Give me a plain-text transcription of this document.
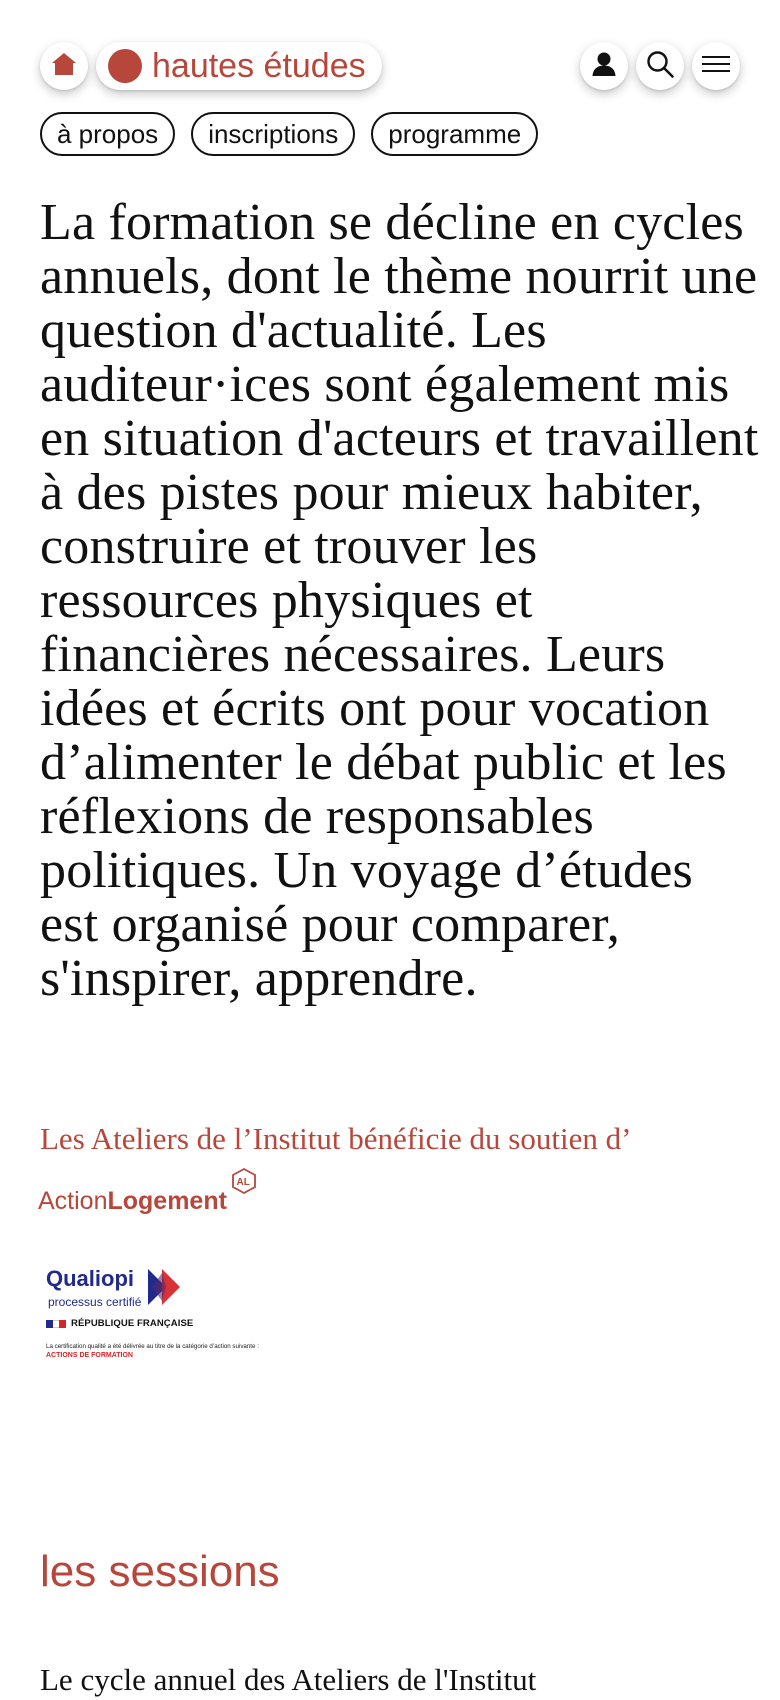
hautes études
à propos	inscriptions	programme

La formation se décline en cycles annuels, dont le thème nourrit une question d'actualité. Les auditeur·ices sont également mis en situation d'acteurs et travaillent à des pistes pour mieux habiter, construire et trouver les ressources physiques et financières nécessaires. Leurs idées et écrits ont pour vocation d’alimenter le débat public et les réflexions de responsables politiques. Un voyage d’études est organisé pour comparer, s'inspirer, apprendre.

Les Ateliers de l’Institut bénéficie du soutien d’

ActionLogement
AL
Qualiopi
processus certifié
RÉPUBLIQUE FRANÇAISE
La certification qualité a été délivrée au titre de la catégorie d’action suivante :
ACTIONS DE FORMATION
les sessions

Le cycle annuel des Ateliers de l'Institut
